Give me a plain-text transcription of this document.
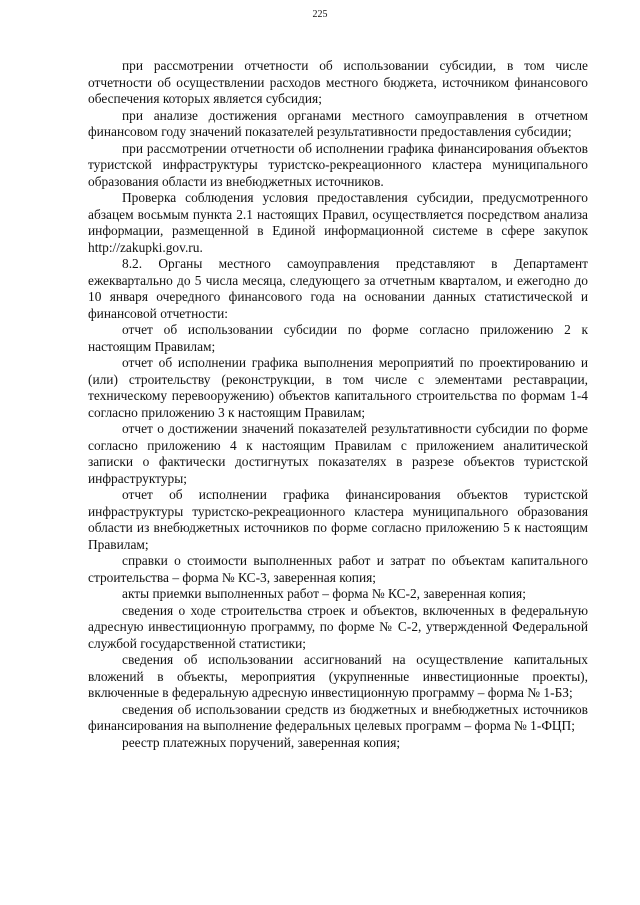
225

при рассмотрении отчетности об использовании субсидии, в том числе отчетности об осуществлении расходов местного бюджета, источником финансового обеспечения которых является субсидия;

при анализе достижения органами местного самоуправления в отчетном финансовом году значений показателей результативности предоставления субсидии;

при рассмотрении отчетности об исполнении графика финансирования объектов туристской инфраструктуры туристско-рекреационного кластера муниципального образования области из внебюджетных источников.

Проверка соблюдения условия предоставления субсидии, предусмотренного абзацем восьмым пункта 2.1 настоящих Правил, осуществляется посредством анализа информации, размещенной в Единой информационной системе в сфере закупок http://zakupki.gov.ru.

8.2. Органы местного самоуправления представляют в Департамент ежеквартально до 5 числа месяца, следующего за отчетным кварталом, и ежегодно до 10 января очередного финансового года на основании данных статистической и финансовой отчетности:

отчет об использовании субсидии по форме согласно приложению 2 к настоящим Правилам;

отчет об исполнении графика выполнения мероприятий по проектированию и (или) строительству (реконструкции, в том числе с элементами реставрации, техническому перевооружению) объектов капитального строительства по формам 1-4 согласно приложению 3 к настоящим Правилам;

отчет о достижении значений показателей результативности субсидии по форме согласно приложению 4 к настоящим Правилам с приложением аналитической записки о фактически достигнутых показателях в разрезе объектов туристской инфраструктуры;

отчет об исполнении графика финансирования объектов туристской инфраструктуры туристско-рекреационного кластера муниципального образования области из внебюджетных источников по форме согласно приложению 5 к настоящим Правилам;

справки о стоимости выполненных работ и затрат по объектам капитального строительства – форма № КС-3, заверенная копия;

акты приемки выполненных работ – форма № КС-2, заверенная копия;

сведения о ходе строительства строек и объектов, включенных в федеральную адресную инвестиционную программу, по форме № С-2, утвержденной Федеральной службой государственной статистики;

сведения об использовании ассигнований на осуществление капитальных вложений в объекты, мероприятия (укрупненные инвестиционные проекты), включенные в федеральную адресную инвестиционную программу – форма № 1-БЗ;

сведения об использовании средств из бюджетных и внебюджетных источников финансирования на выполнение федеральных целевых программ – форма № 1-ФЦП;

реестр платежных поручений, заверенная копия;
